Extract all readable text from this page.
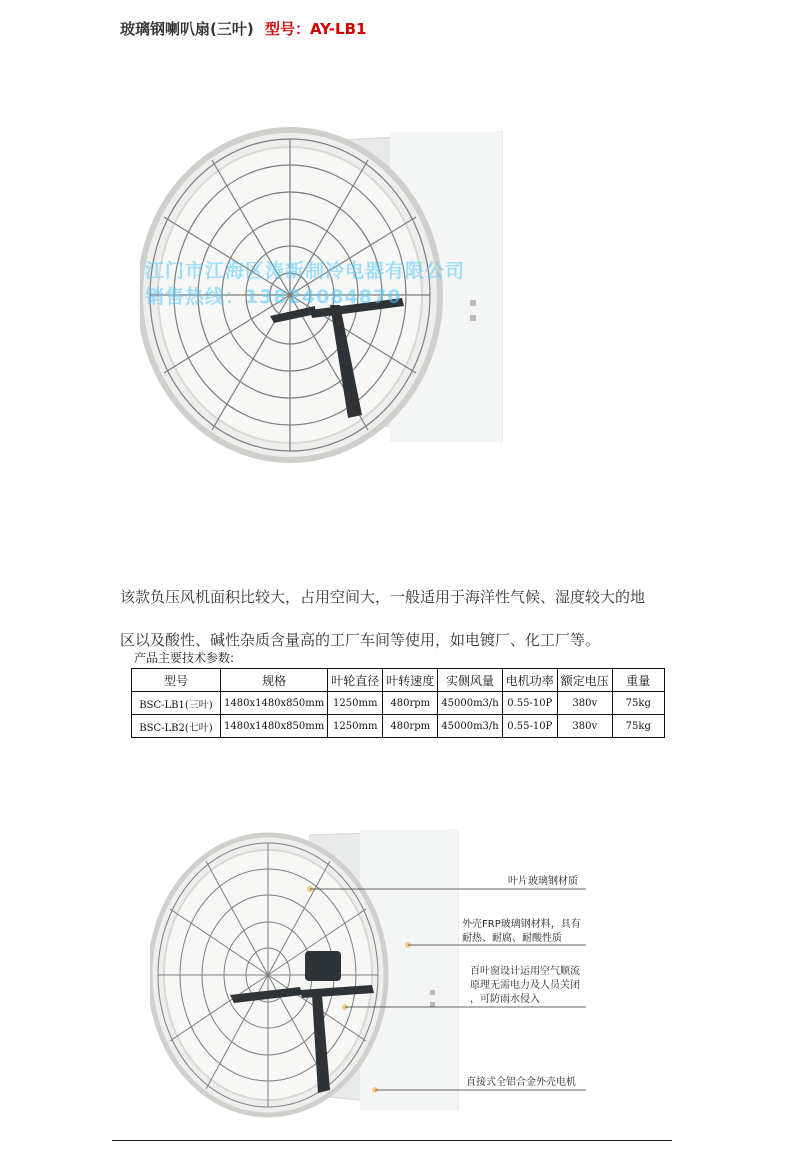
玻璃钢喇叭扇(三叶) 型号：AY-LB1
江门市江海区涛新制冷电器有限公司
销售热线：13824084870
该款负压风机面积比较大，占用空间大，一般适用于海洋性气候、湿度较大的地
区以及酸性、碱性杂质含量高的工厂车间等使用，如电镀厂、化工厂等。
产品主要技术参数:
型号	规格	叶轮直径	叶转速度	实侧风量	电机功率	额定电压	重量
BSC-LB1(三叶)	1480x1480x850mm	1250mm	480rpm	45000m3/h	0.55-10P	380v	75kg
BSC-LB2(七叶)	1480x1480x850mm	1250mm	480rpm	45000m3/h	0.55-10P	380v	75kg
叶片玻璃钢材质
外壳FRP玻璃钢材料，具有
耐热、耐腐、耐酸性质
百叶窗设计运用空气顺流
原理无需电力及人员关闭
，可防雨水侵入
直接式全铝合金外壳电机
